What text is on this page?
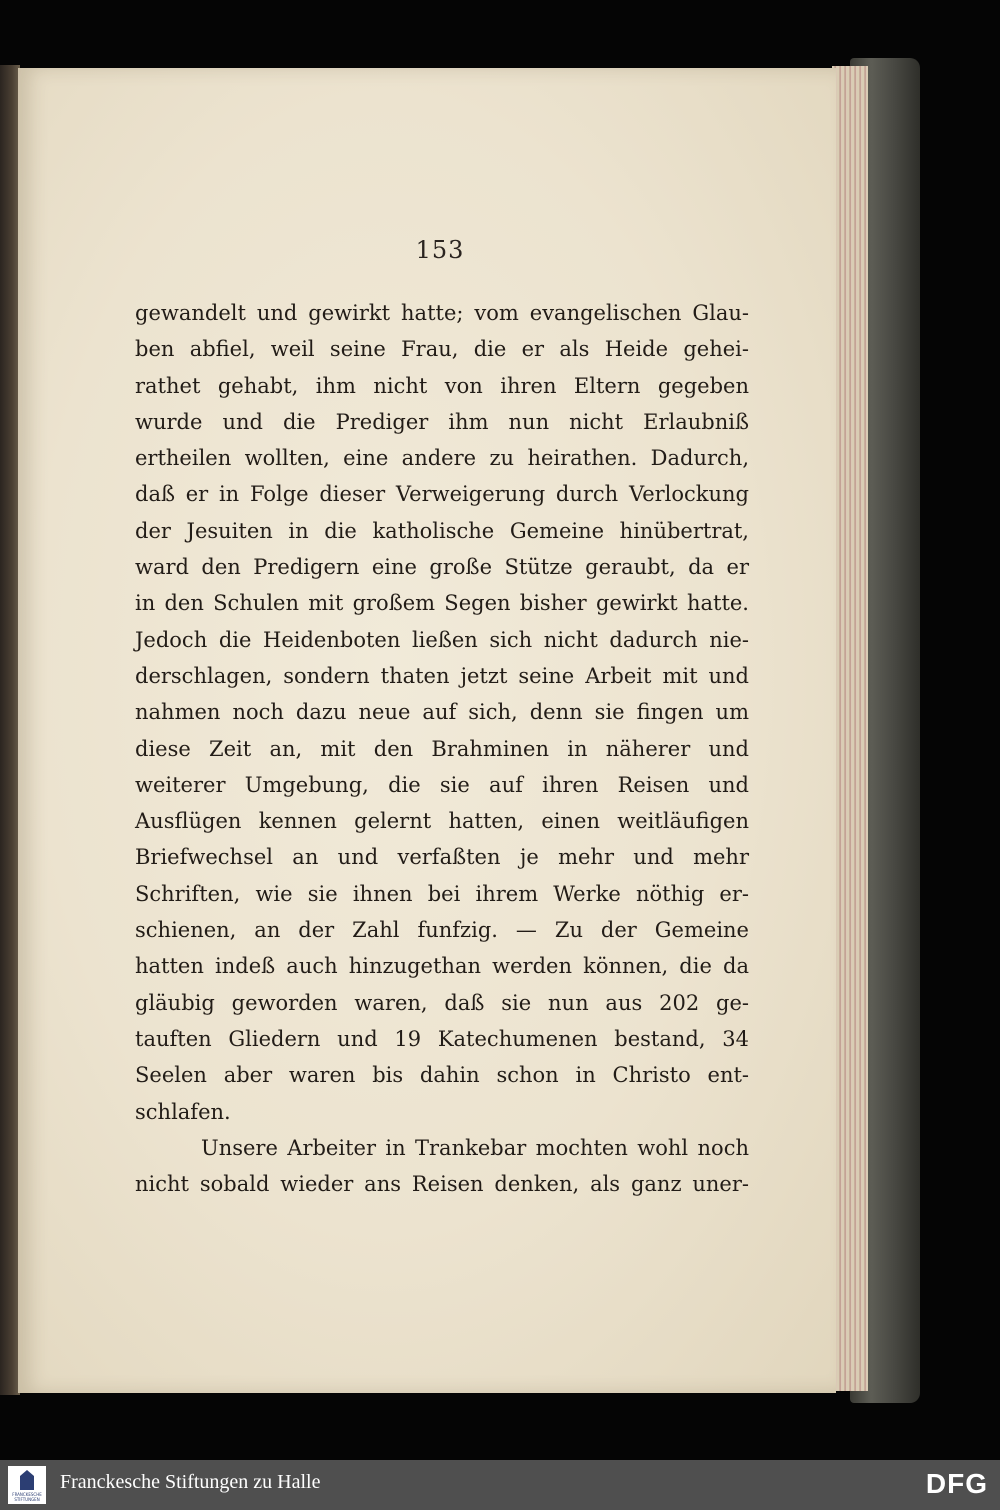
153
gewandelt und gewirkt hatte; vom evangelischen Glau-
ben abfiel, weil seine Frau, die er als Heide gehei-
rathet gehabt, ihm nicht von ihren Eltern gegeben
wurde und die Prediger ihm nun nicht Erlaubniß
ertheilen wollten, eine andere zu heirathen. Dadurch,
daß er in Folge dieser Verweigerung durch Verlockung
der Jesuiten in die katholische Gemeine hinübertrat,
ward den Predigern eine große Stütze geraubt, da er
in den Schulen mit großem Segen bisher gewirkt hatte.
Jedoch die Heidenboten ließen sich nicht dadurch nie-
derschlagen, sondern thaten jetzt seine Arbeit mit und
nahmen noch dazu neue auf sich, denn sie fingen um
diese Zeit an, mit den Brahminen in näherer und
weiterer Umgebung, die sie auf ihren Reisen und
Ausflügen kennen gelernt hatten, einen weitläufigen
Briefwechsel an und verfaßten je mehr und mehr
Schriften, wie sie ihnen bei ihrem Werke nöthig er-
schienen, an der Zahl funfzig. — Zu der Gemeine
hatten indeß auch hinzugethan werden können, die da
gläubig geworden waren, daß sie nun aus 202 ge-
tauften Gliedern und 19 Katechumenen bestand, 34
Seelen aber waren bis dahin schon in Christo ent-
schlafen.
Unsere Arbeiter in Trankebar mochten wohl noch
nicht sobald wieder ans Reisen denken, als ganz uner-
FRANCKESCHE STIFTUNGEN
Franckesche Stiftungen zu Halle	DFG
